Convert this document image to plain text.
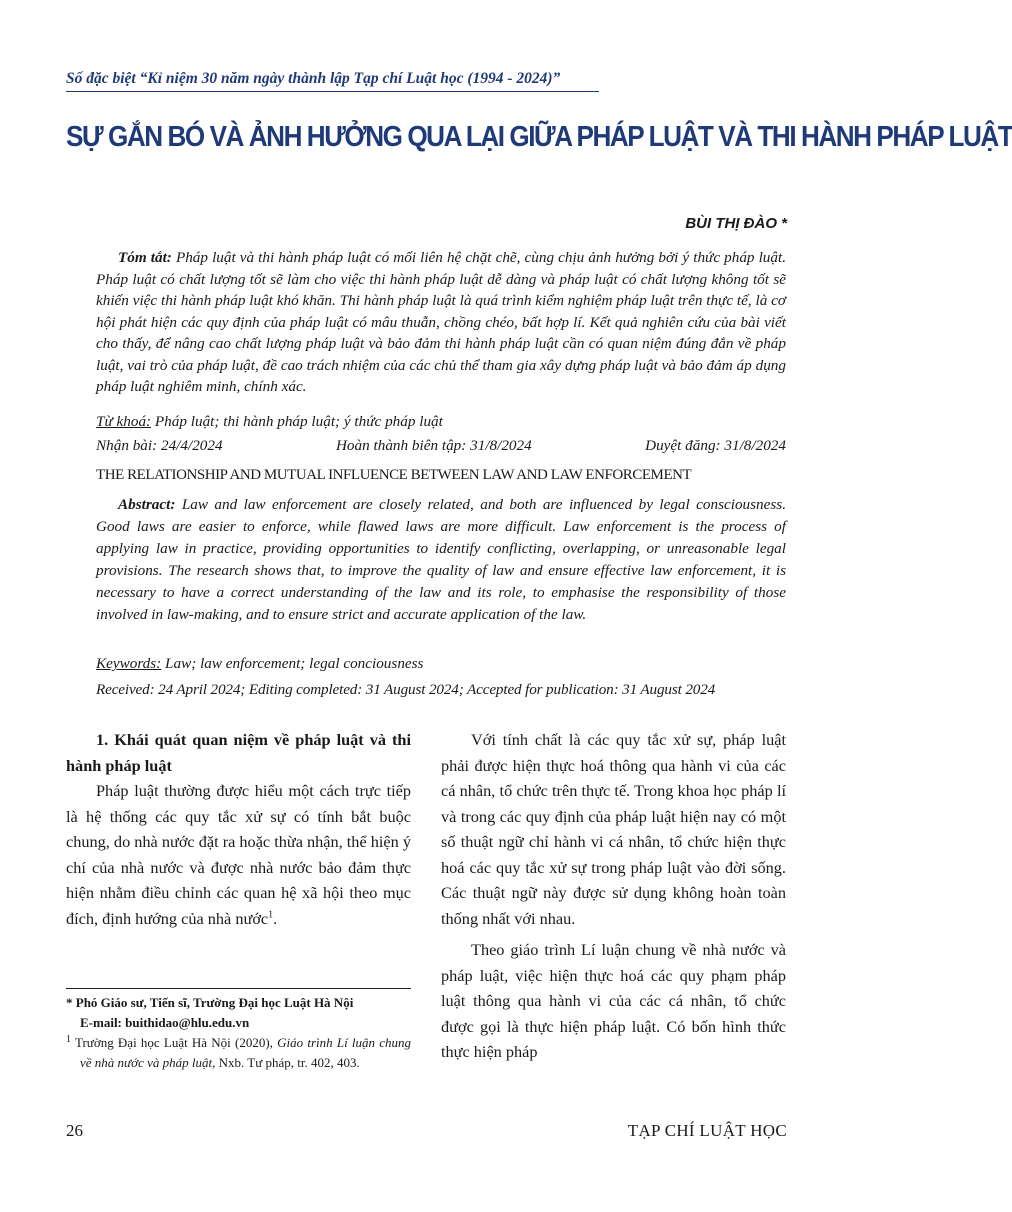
Số đặc biệt “Kỉ niệm 30 năm ngày thành lập Tạp chí Luật học (1994 - 2024)”
SỰ GẮN BÓ VÀ ẢNH HƯỞNG QUA LẠI GIỮA PHÁP LUẬT VÀ THI HÀNH PHÁP LUẬT
BÙI THỊ ĐÀO *
Tóm tắt: Pháp luật và thi hành pháp luật có mối liên hệ chặt chẽ, cùng chịu ảnh hưởng bởi ý thức pháp luật. Pháp luật có chất lượng tốt sẽ làm cho việc thi hành pháp luật dễ dàng và pháp luật có chất lượng không tốt sẽ khiến việc thi hành pháp luật khó khăn. Thi hành pháp luật là quá trình kiểm nghiệm pháp luật trên thực tế, là cơ hội phát hiện các quy định của pháp luật có mâu thuẫn, chồng chéo, bất hợp lí. Kết quả nghiên cứu của bài viết cho thấy, để nâng cao chất lượng pháp luật và bảo đảm thi hành pháp luật cần có quan niệm đúng đắn về pháp luật, vai trò của pháp luật, đề cao trách nhiệm của các chủ thể tham gia xây dựng pháp luật và bảo đảm áp dụng pháp luật nghiêm minh, chính xác.
Từ khoá: Pháp luật; thi hành pháp luật; ý thức pháp luật
Nhận bài: 24/4/2024	Hoàn thành biên tập: 31/8/2024	Duyệt đăng: 31/8/2024
THE RELATIONSHIP AND MUTUAL INFLUENCE BETWEEN LAW AND LAW ENFORCEMENT
Abstract: Law and law enforcement are closely related, and both are influenced by legal consciousness. Good laws are easier to enforce, while flawed laws are more difficult. Law enforcement is the process of applying law in practice, providing opportunities to identify conflicting, overlapping, or unreasonable legal provisions. The research shows that, to improve the quality of law and ensure effective law enforcement, it is necessary to have a correct understanding of the law and its role, to emphasise the responsibility of those involved in law-making, and to ensure strict and accurate application of the law.
Keywords: Law; law enforcement; legal conciousness
Received: 24 April 2024; Editing completed: 31 August 2024; Accepted for publication: 31 August 2024
1. Khái quát quan niệm về pháp luật và thi hành pháp luật
Pháp luật thường được hiểu một cách trực tiếp là hệ thống các quy tắc xử sự có tính bắt buộc chung, do nhà nước đặt ra hoặc thừa nhận, thể hiện ý chí của nhà nước và được nhà nước bảo đảm thực hiện nhằm điều chỉnh các quan hệ xã hội theo mục đích, định hướng của nhà nước$^1$.
Với tính chất là các quy tắc xử sự, pháp luật phải được hiện thực hoá thông qua hành vi của các cá nhân, tổ chức trên thực tế. Trong khoa học pháp lí và trong các quy định của pháp luật hiện nay có một số thuật ngữ chỉ hành vi cá nhân, tổ chức hiện thực hoá các quy tắc xử sự trong pháp luật vào đời sống. Các thuật ngữ này được sử dụng không hoàn toàn thống nhất với nhau.
Theo giáo trình Lí luận chung về nhà nước và pháp luật, việc hiện thực hoá các quy phạm pháp luật thông qua hành vi của các cá nhân, tổ chức được gọi là thực hiện pháp luật. Có bốn hình thức thực hiện pháp
* Phó Giáo sư, Tiến sĩ, Trường Đại học Luật Hà Nội
E-mail: buithidao@hlu.edu.vn
$^1$ Trường Đại học Luật Hà Nội (2020), Giáo trình Lí luận chung về nhà nước và pháp luật, Nxb. Tư pháp, tr. 402, 403.
26	TẠP CHÍ LUẬT HỌC
